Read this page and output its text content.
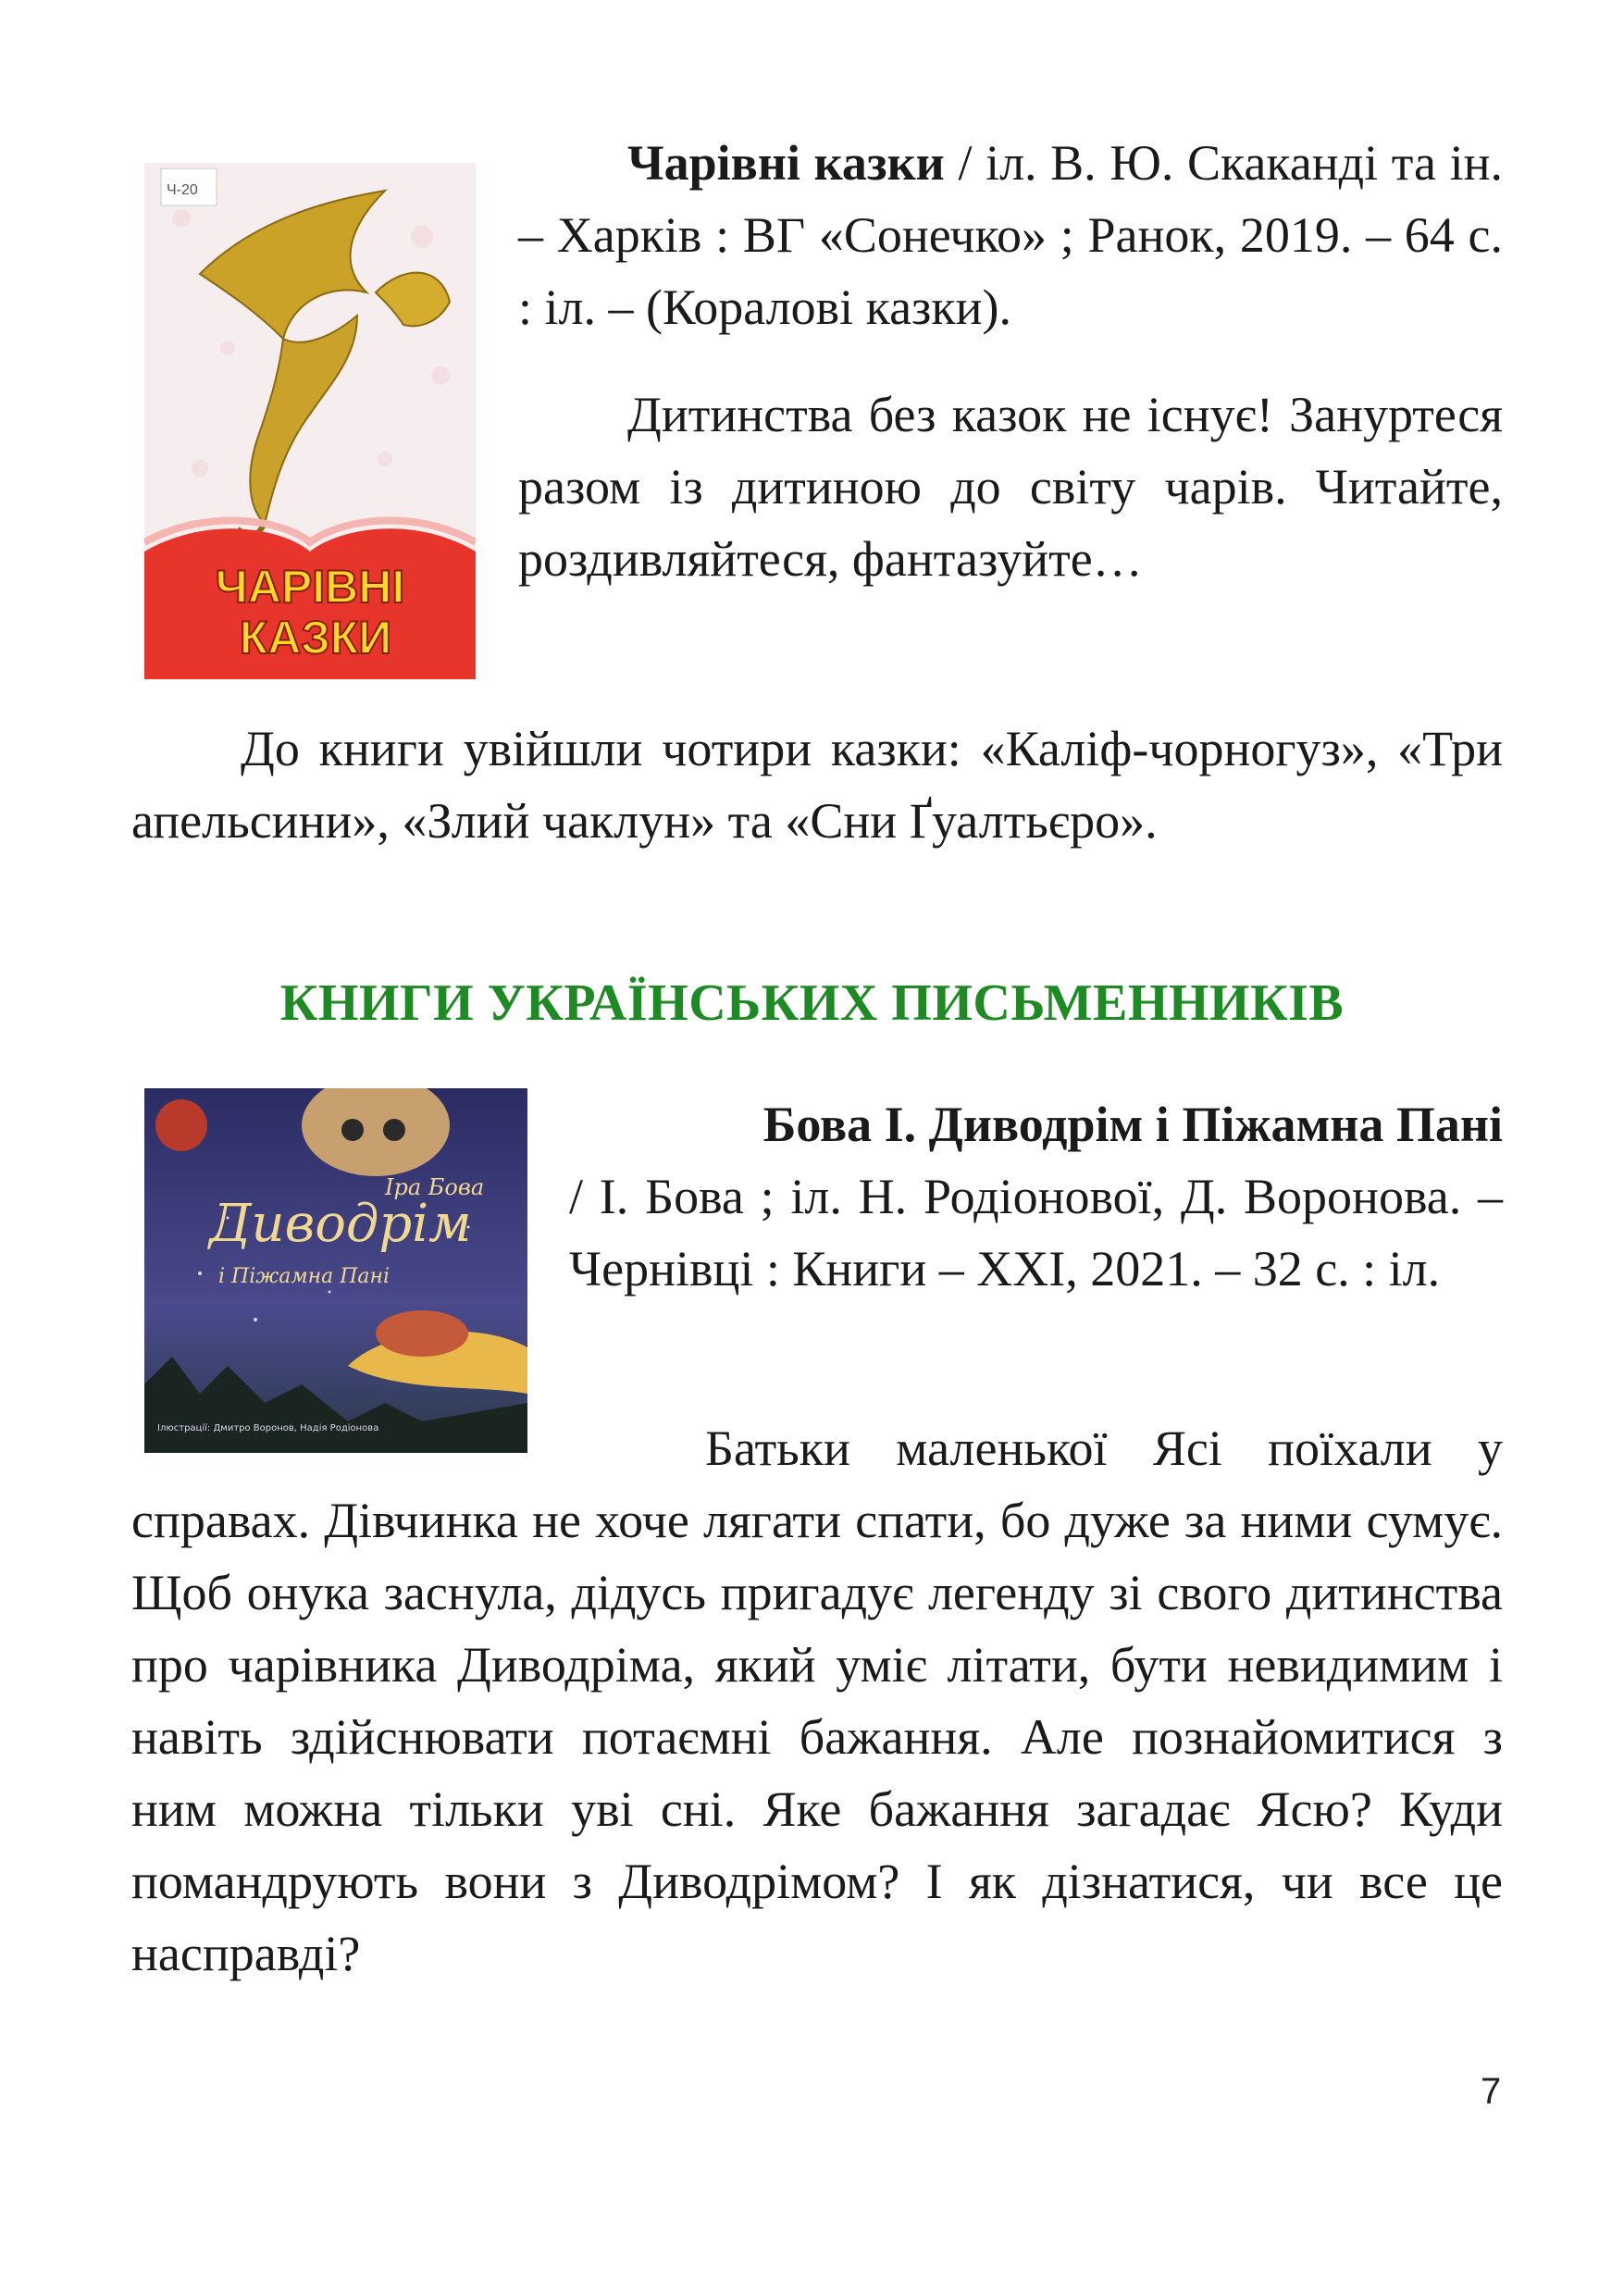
Ч-20
ЧАРІВНІ
КАЗКИ

Чарівні казки / іл. В. Ю. Скаканді та ін. – Харків : ВГ «Сонечко» ; Ранок, 2019. – 64 с. : іл. – (Коралові казки).

Дитинства без казок не існує! Зануртеся разом із дитиною до світу чарів. Читайте, роздивляйтеся, фантазуйте…

До книги увійшли чотири казки: «Каліф-чорногуз», «Три апельсини», «Злий чаклун» та «Сни Ґуалтьєро».

КНИГИ УКРАЇНСЬКИХ ПИСЬМЕННИКІВ
Іра Бова
Диводрім
і Піжамна Пані
Ілюстрації: Дмитро Воронов, Надія Родіонова

Бова І. Диводрім і Піжамна Пані

/ І. Бова ; іл. Н. Родіонової, Д. Воронова. – Чернівці : Книги – ХХІ, 2021. – 32 с. : іл.

Батьки маленької Ясі поїхали у

справах. Дівчинка не хоче лягати спати, бо дуже за ними сумує. Щоб онука заснула, дідусь пригадує легенду зі свого дитинства про чарівника Диводріма, який уміє літати, бути невидимим і навіть здійснювати потаємні бажання. Але познайомитися з ним можна тільки уві сні. Яке бажання загадає Ясю? Куди помандрують вони з Диводрімом? І як дізнатися, чи все це насправді?

7
